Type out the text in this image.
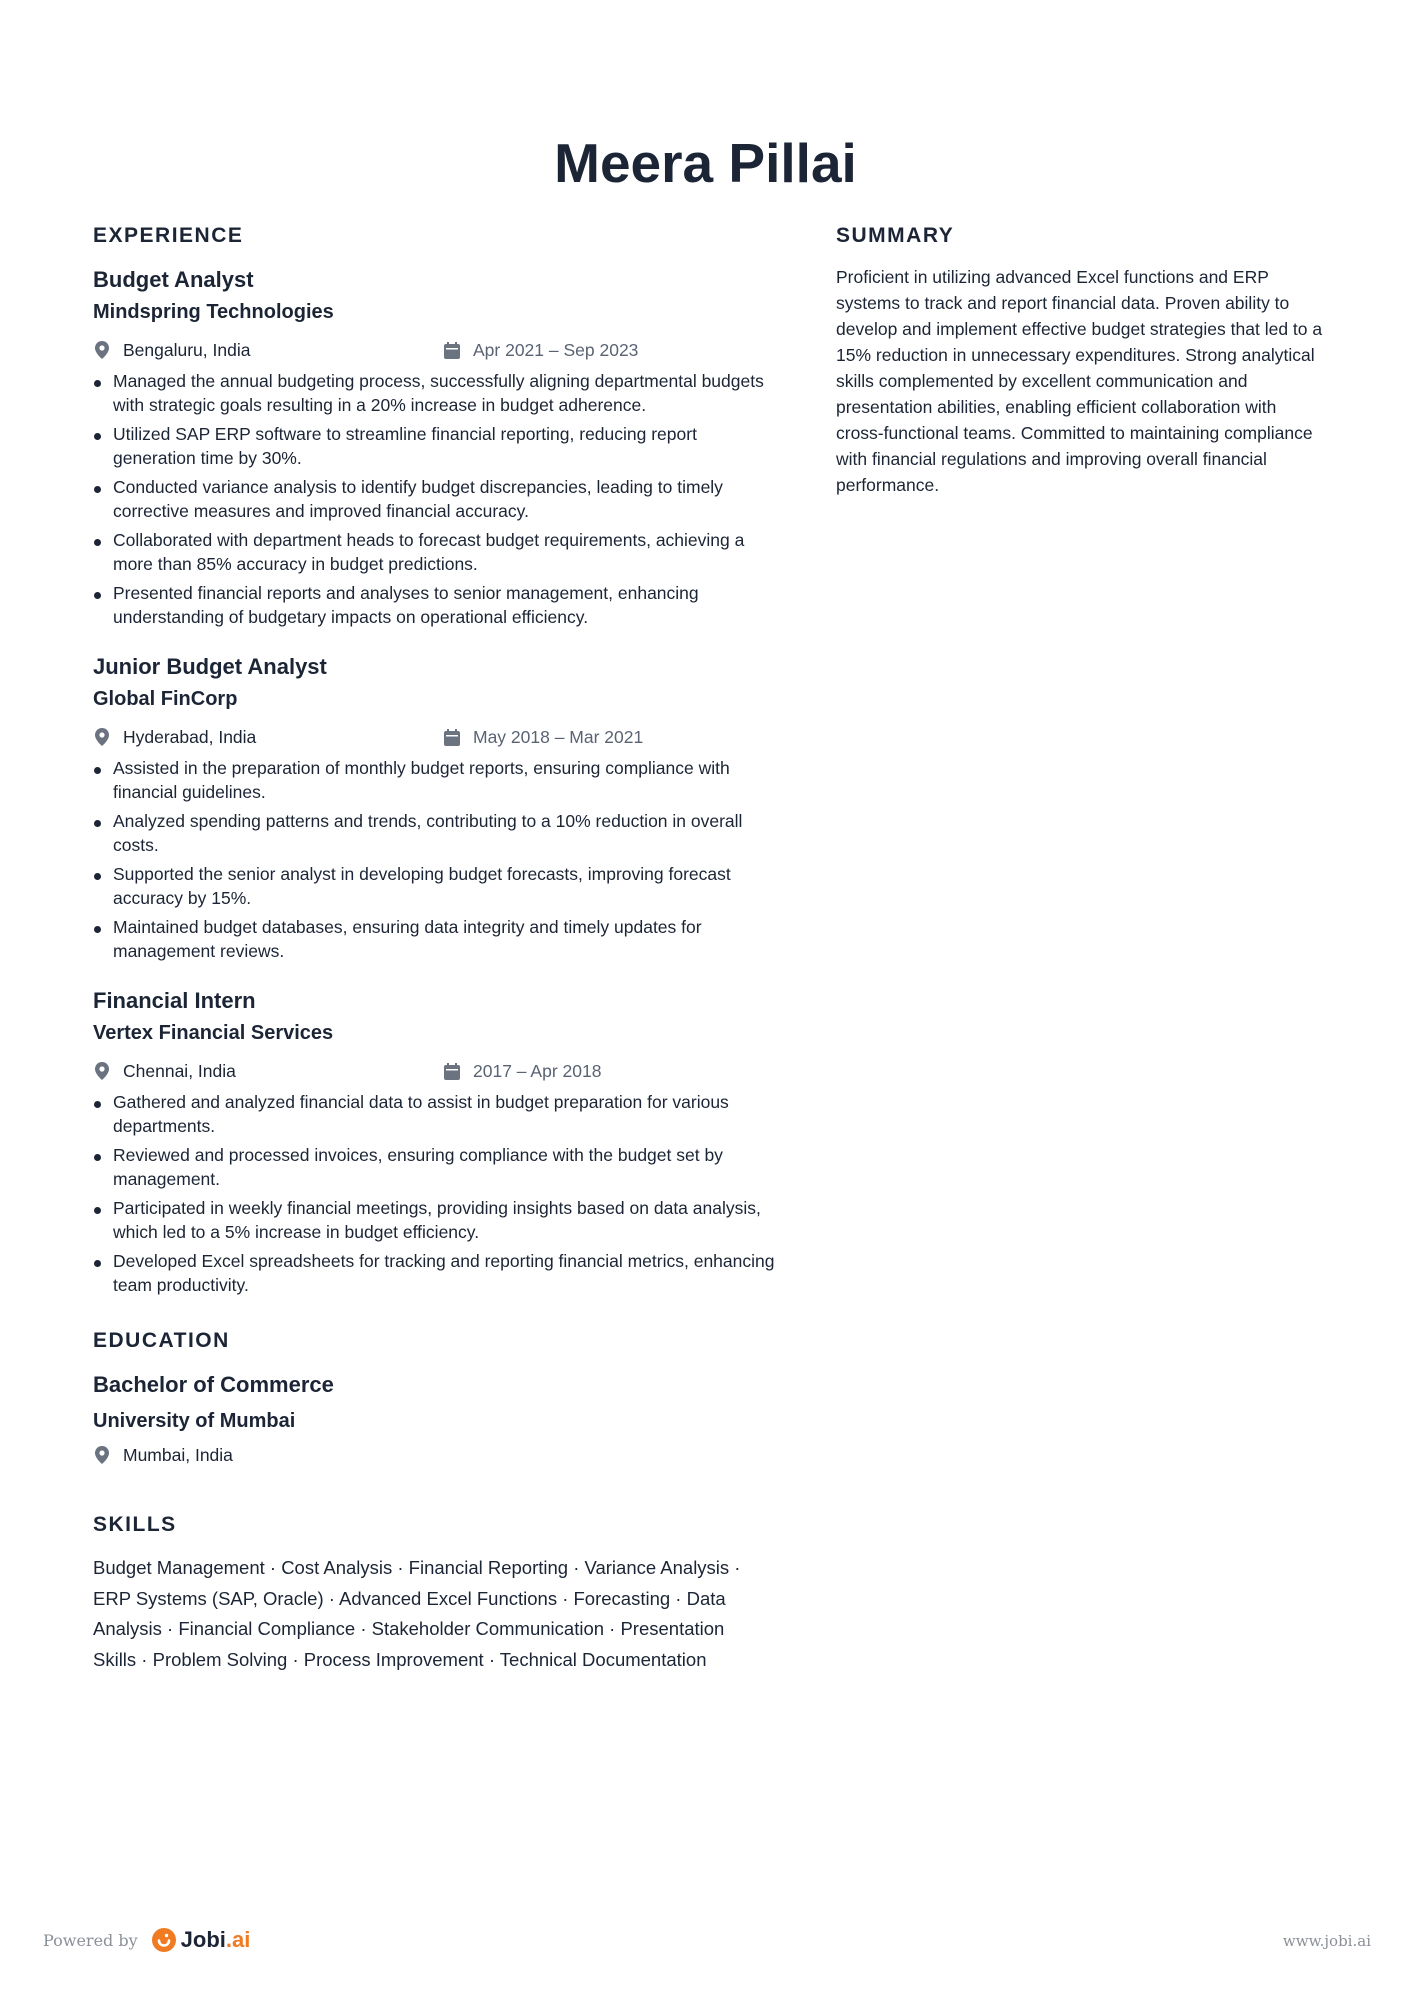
Meera Pillai
EXPERIENCE

Budget Analyst

Mindspring Technologies

Bengaluru, India	Apr 2021 – Sep 2023
Managed the annual budgeting process, successfully aligning departmental budgets with strategic goals resulting in a 20% increase in budget adherence.
Utilized SAP ERP software to streamline financial reporting, reducing report generation time by 30%.
Conducted variance analysis to identify budget discrepancies, leading to timely corrective measures and improved financial accuracy.
Collaborated with department heads to forecast budget requirements, achieving a more than 85% accuracy in budget predictions.
Presented financial reports and analyses to senior management, enhancing understanding of budgetary impacts on operational efficiency.

Junior Budget Analyst

Global FinCorp

Hyderabad, India	May 2018 – Mar 2021
Assisted in the preparation of monthly budget reports, ensuring compliance with financial guidelines.
Analyzed spending patterns and trends, contributing to a 10% reduction in overall costs.
Supported the senior analyst in developing budget forecasts, improving forecast accuracy by 15%.
Maintained budget databases, ensuring data integrity and timely updates for management reviews.

Financial Intern

Vertex Financial Services

Chennai, India	2017 – Apr 2018
Gathered and analyzed financial data to assist in budget preparation for various departments.
Reviewed and processed invoices, ensuring compliance with the budget set by management.
Participated in weekly financial meetings, providing insights based on data analysis, which led to a 5% increase in budget efficiency.
Developed Excel spreadsheets for tracking and reporting financial metrics, enhancing team productivity.
EDUCATION

Bachelor of Commerce

University of Mumbai

Mumbai, India
SKILLS

Budget Management · Cost Analysis · Financial Reporting · Variance Analysis · ERP Systems (SAP, Oracle) · Advanced Excel Functions · Forecasting · Data Analysis · Financial Compliance · Stakeholder Communication · Presentation Skills · Problem Solving · Process Improvement · Technical Documentation

SUMMARY

Proficient in utilizing advanced Excel functions and ERP systems to track and report financial data. Proven ability to develop and implement effective budget strategies that led to a 15% reduction in unnecessary expenditures. Strong analytical skills complemented by excellent communication and presentation abilities, enabling efficient collaboration with cross-functional teams. Committed to maintaining compliance with financial regulations and improving overall financial performance.

Powered by Jobi .ai	www.jobi.ai
